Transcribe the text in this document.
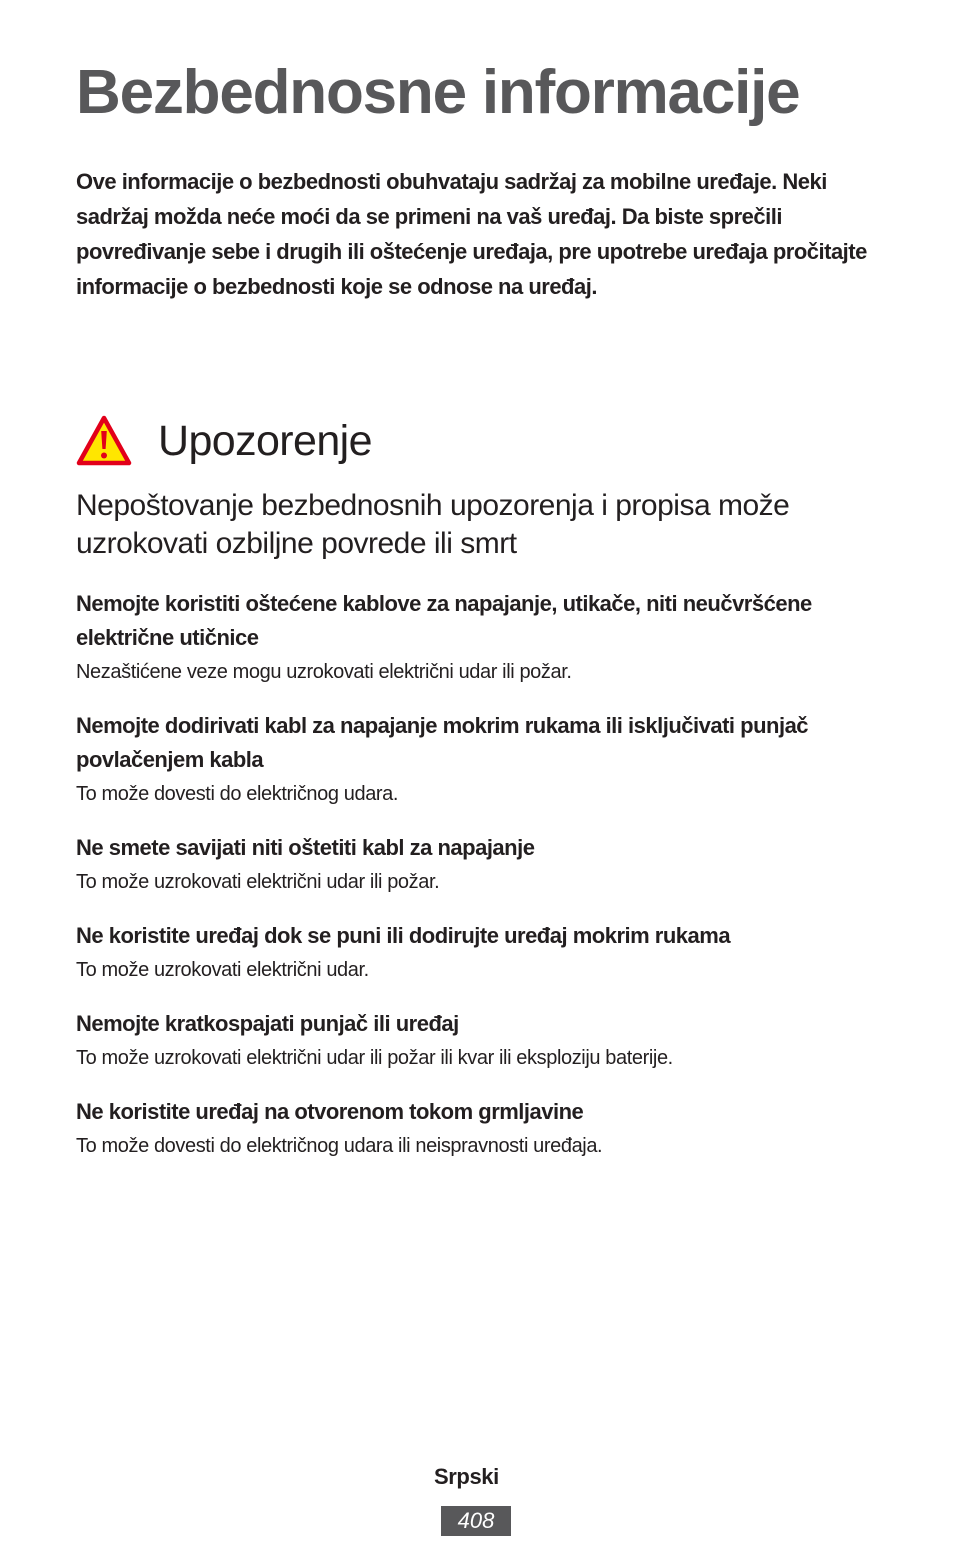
Bezbednosne informacije

Ove informacije o bezbednosti obuhvataju sadržaj za mobilne uređaje. Neki sadržaj možda neće moći da se primeni na vaš uređaj. Da biste sprečili povređivanje sebe i drugih ili oštećenje uređaja, pre upotrebe uređaja pročitajte informacije o bezbednosti koje se odnose na uređaj.

Upozorenje
Nepoštovanje bezbednosnih upozorenja i propisa može uzrokovati ozbiljne povrede ili smrt

Nemojte koristiti oštećene kablove za napajanje, utikače, niti neučvršćene električne utičnice

Nezaštićene veze mogu uzrokovati električni udar ili požar.

Nemojte dodirivati kabl za napajanje mokrim rukama ili isključivati punjač povlačenjem kabla

To može dovesti do električnog udara.

Ne smete savijati niti oštetiti kabl za napajanje

To može uzrokovati električni udar ili požar.

Ne koristite uređaj dok se puni ili dodirujte uređaj mokrim rukama

To može uzrokovati električni udar.

Nemojte kratkospajati punjač ili uređaj

To može uzrokovati električni udar ili požar ili kvar ili eksploziju baterije.

Ne koristite uređaj na otvorenom tokom grmljavine

To može dovesti do električnog udara ili neispravnosti uređaja.

Srpski
408
